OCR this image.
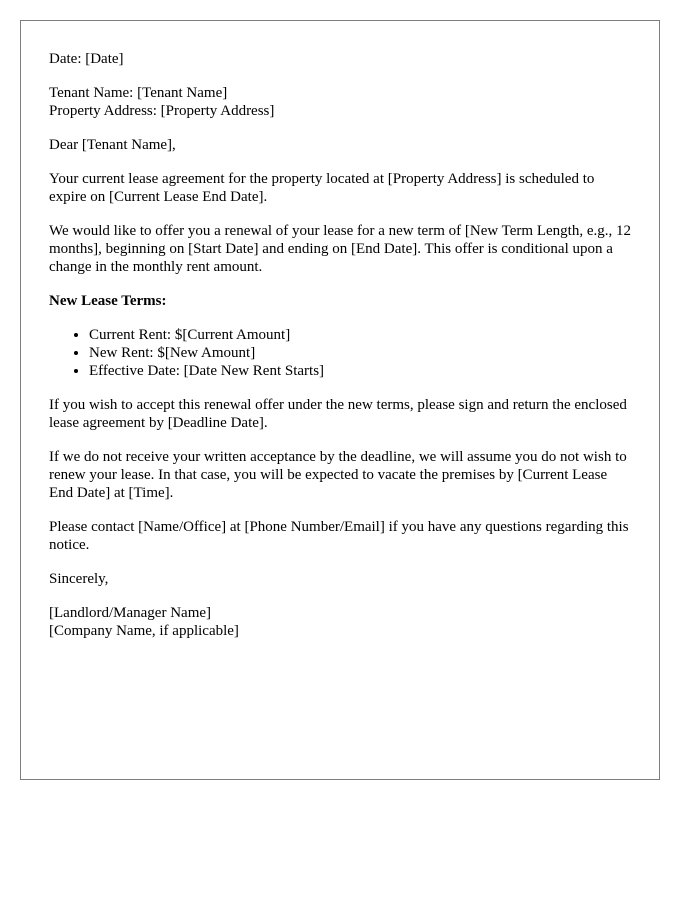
Date: [Date]

Tenant Name: [Tenant Name]
Property Address: [Property Address]

Dear [Tenant Name],

Your current lease agreement for the property located at [Property Address] is scheduled to expire on [Current Lease End Date].

We would like to offer you a renewal of your lease for a new term of [New Term Length, e.g., 12 months], beginning on [Start Date] and ending on [End Date]. This offer is conditional upon a change in the monthly rent amount.

New Lease Terms:

• Current Rent: $[Current Amount]
• New Rent: $[New Amount]
• Effective Date: [Date New Rent Starts]

If you wish to accept this renewal offer under the new terms, please sign and return the enclosed lease agreement by [Deadline Date].

If we do not receive your written acceptance by the deadline, we will assume you do not wish to renew your lease. In that case, you will be expected to vacate the premises by [Current Lease End Date] at [Time].

Please contact [Name/Office] at [Phone Number/Email] if you have any questions regarding this notice.

Sincerely,

[Landlord/Manager Name]
[Company Name, if applicable]
